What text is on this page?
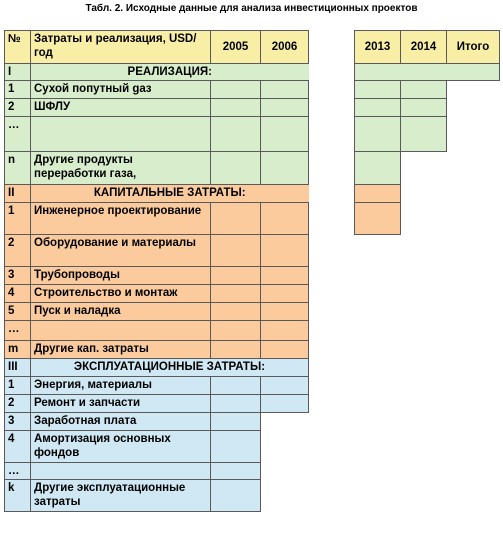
Табл. 2. Исходные данные для анализа инвестиционных проектов
№	Затраты и реализация, USD/год	2005	2006		2013	2014	Итого
I	РЕАЛИЗАЦИЯ:						
1	Сухой попутный gaз						
2	ШФЛУ						
…							
n	Другие продукты переработки газа,						
II	КАПИТАЛЬНЫЕ ЗАТРАТЫ:						
1	Инженерное проектирование						
2	Оборудование и материалы						
3	Трубопроводы						
4	Строительство и монтаж						
5	Пуск и наладка						
…							
m	Другие кап. затраты						
III	ЭКСПЛУАТАЦИОННЫЕ ЗАТРАТЫ:						
1	Энергия, материалы						
2	Ремонт и запчасти						
3	Заработная плата						
4	Амортизация основных фондов						
…							
k	Другие эксплуатационные затраты						
